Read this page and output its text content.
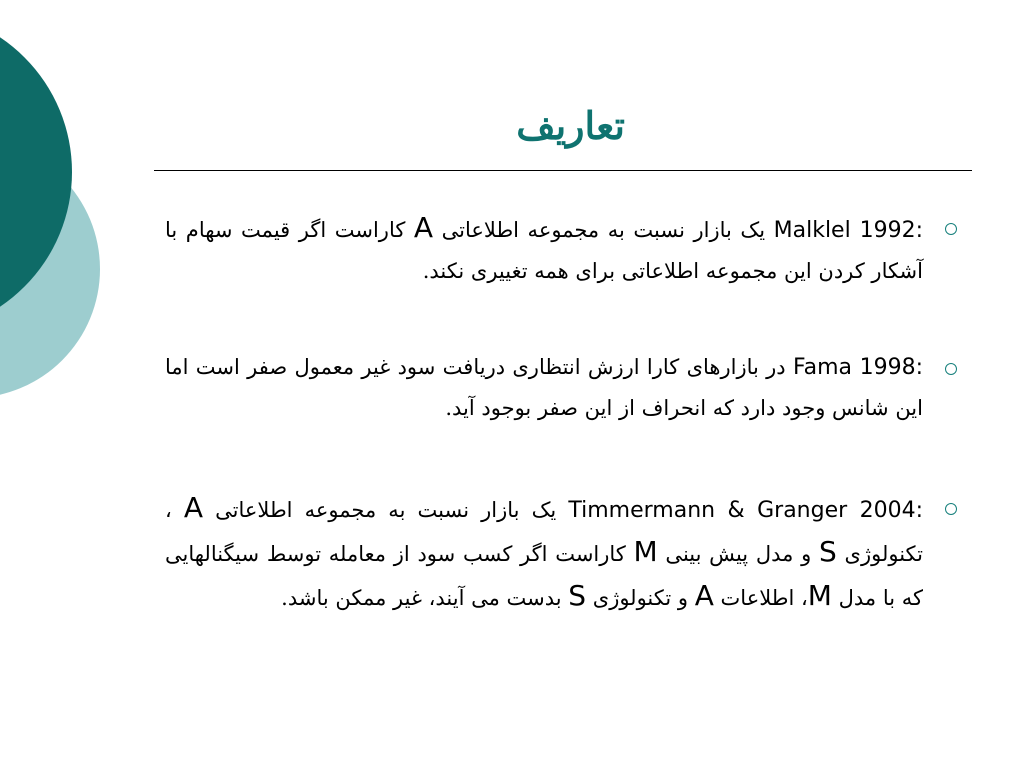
تعاریف

Malklel 1992: یک بازار نسبت به مجموعه اطلاعاتی A کاراست اگر قیمت سهام با آشکار کردن این مجموعه اطلاعاتی برای همه تغییری نکند.

Fama 1998: در بازارهای کارا ارزش انتظاری دریافت سود غیر معمول صفر است اما این شانس وجود دارد که انحراف از این صفر بوجود آید.

Timmermann & Granger 2004: یک بازار نسبت به مجموعه اطلاعاتی A ، تکنولوژی S و مدل پیش بینی M کاراست اگر کسب سود از معامله توسط سیگنالهایی که با مدل M، اطلاعات A و تکنولوژی S بدست می آیند، غیر ممکن باشد.
